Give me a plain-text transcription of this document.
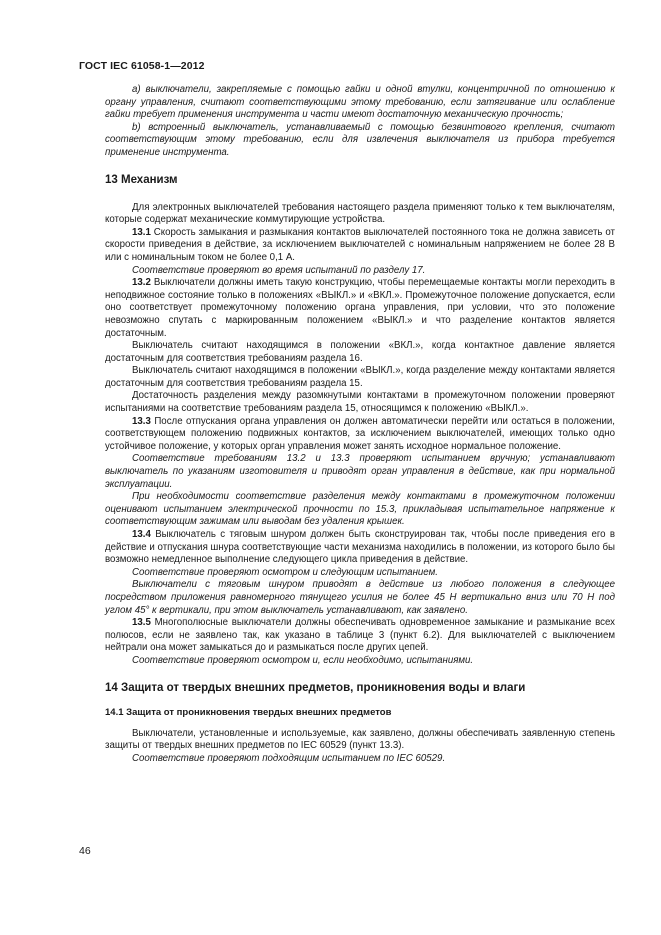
ГОСТ IEC 61058-1—2012

а) выключатели, закрепляемые с помощью гайки и одной втулки, концентричной по отношению к органу управления, считают соответствующими этому требованию, если затягивание или ослабление гайки требует применения инструмента и части имеют достаточную механическую прочность;

b) встроенный выключатель, устанавливаемый с помощью безвинтового крепления, считают соответствующим этому требованию, если для извлечения выключателя из прибора требуется применение инструмента.

13 Механизм

Для электронных выключателей требования настоящего раздела применяют только к тем выключателям, которые содержат механические коммутирующие устройства.

13.1 Скорость замыкания и размыкания контактов выключателей постоянного тока не должна зависеть от скорости приведения в действие, за исключением выключателей с номинальным напряжением не более 28 В или с номинальным током не более 0,1 А.

Соответствие проверяют во время испытаний по разделу 17.

13.2 Выключатели должны иметь такую конструкцию, чтобы перемещаемые контакты могли переходить в неподвижное состояние только в положениях «ВЫКЛ.» и «ВКЛ.». Промежуточное положение допускается, если оно соответствует промежуточному положению органа управления, при условии, что это положение невозможно спутать с маркированным положением «ВЫКЛ.» и что разделение контактов является достаточным.

Выключатель считают находящимся в положении «ВКЛ.», когда контактное давление является достаточным для соответствия требованиям раздела 16.

Выключатель считают находящимся в положении «ВЫКЛ.», когда разделение между контактами является достаточным для соответствия требованиям раздела 15.

Достаточность разделения между разомкнутыми контактами в промежуточном положении проверяют испытаниями на соответствие требованиям раздела 15, относящимся к положению «ВЫКЛ.».

13.3 После отпускания органа управления он должен автоматически перейти или остаться в положении, соответствующем положению подвижных контактов, за исключением выключателей, имеющих только одно устойчивое положение, у которых орган управления может занять исходное нормальное положение.

Соответствие требованиям 13.2 и 13.3 проверяют испытанием вручную; устанавливают выключатель по указаниям изготовителя и приводят орган управления в действие, как при нормальной эксплуатации.

При необходимости соответствие разделения между контактами в промежуточном положении оценивают испытанием электрической прочности по 15.3, прикладывая испытательное напряжение к соответствующим зажимам или выводам без удаления крышек.

13.4 Выключатель с тяговым шнуром должен быть сконструирован так, чтобы после приведения его в действие и отпускания шнура соответствующие части механизма находились в положении, из которого было бы возможно немедленное выполнение следующего цикла приведения в действие.

Соответствие проверяют осмотром и следующим испытанием.

Выключатели с тяговым шнуром приводят в действие из любого положения в следующее посредством приложения равномерного тянущего усилия не более 45 Н вертикально вниз или 70 Н под углом 45° к вертикали, при этом выключатель устанавливают, как заявлено.

13.5 Многополюсные выключатели должны обеспечивать одновременное замыкание и размыкание всех полюсов, если не заявлено так, как указано в таблице 3 (пункт 6.2). Для выключателей с выключением нейтрали она может замыкаться до и размыкаться после других цепей.

Соответствие проверяют осмотром и, если необходимо, испытаниями.

14 Защита от твердых внешних предметов, проникновения воды и влаги
14.1 Защита от проникновения твердых внешних предметов

Выключатели, установленные и используемые, как заявлено, должны обеспечивать заявленную степень защиты от твердых внешних предметов по IEC 60529 (пункт 13.3).

Соответствие проверяют подходящим испытанием по IEC 60529.

46
